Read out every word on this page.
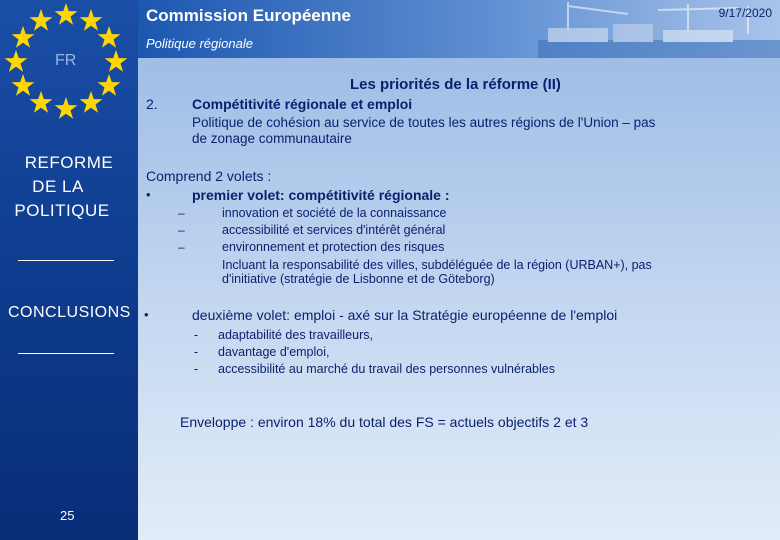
FR
REFORME
DE LA
POLITIQUE
CONCLUSIONS
25
Commission Européenne
Politique régionale
9/17/2020
Les priorités de la réforme (II)
2. Compétitivité régionale et emploi
Politique de cohésion au service de toutes les autres régions de l'Union – pas
de zonage communautaire
Comprend 2 volets :
•	premier volet: compétitivité régionale :
–	innovation et société de la connaissance
–	accessibilité et services d'intérêt général
–	environnement et protection des risques
Incluant la responsabilité des villes, subdéléguée de la région (URBAN+), pas
d'initiative (stratégie de Lisbonne et de Göteborg)
•	deuxième volet: emploi - axé sur la Stratégie européenne de l'emploi
- adaptabilité des travailleurs,
- davantage d'emploi,
- accessibilité au marché du travail des personnes vulnérables
Enveloppe : environ 18% du total des FS = actuels objectifs 2 et 3
